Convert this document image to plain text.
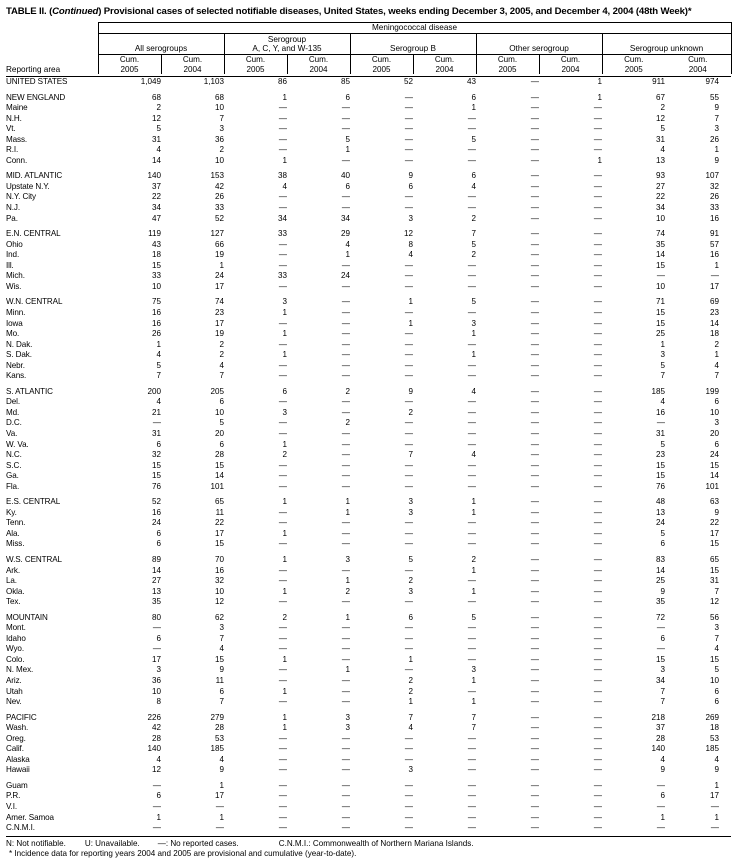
TABLE II. (Continued) Provisional cases of selected notifiable diseases, United States, weeks ending December 3, 2005, and December 4, 2004 (48th Week)*
	Meningococcal disease									

	All serogroups		Serogroup
A, C, Y, and W-135		Serogroup B		Other serogroup		Serogroup unknown	

Reporting area	
Cum.
2005

Cum.
2004

Cum.
2005

Cum.
2004

Cum.
2005

Cum.
2004

Cum.
2005

Cum.
2004

Cum.
2005

Cum.
2004

UNITED STATES	1,049	1,103	86	85	52	43	—	1	911	974

NEW ENGLAND	68	68	1	6	—	6	—	1	67	55
Maine	2	10	—	—	—	1	—	—	2	9
N.H.	12	7	—	—	—	—	—	—	12	7
Vt.	5	3	—	—	—	—	—	—	5	3
Mass.	31	36	—	5	—	5	—	—	31	26
R.I.	4	2	—	1	—	—	—	—	4	1
Conn.	14	10	1	—	—	—	—	1	13	9

MID. ATLANTIC	140	153	38	40	9	6	—	—	93	107
Upstate N.Y.	37	42	4	6	6	4	—	—	27	32
N.Y. City	22	26	—	—	—	—	—	—	22	26
N.J.	34	33	—	—	—	—	—	—	34	33
Pa.	47	52	34	34	3	2	—	—	10	16

E.N. CENTRAL	119	127	33	29	12	7	—	—	74	91
Ohio	43	66	—	4	8	5	—	—	35	57
Ind.	18	19	—	1	4	2	—	—	14	16
Ill.	15	1	—	—	—	—	—	—	15	1
Mich.	33	24	33	24	—	—	—	—	—	—
Wis.	10	17	—	—	—	—	—	—	10	17

W.N. CENTRAL	75	74	3	—	1	5	—	—	71	69
Minn.	16	23	1	—	—	—	—	—	15	23
Iowa	16	17	—	—	1	3	—	—	15	14
Mo.	26	19	1	—	—	1	—	—	25	18
N. Dak.	1	2	—	—	—	—	—	—	1	2
S. Dak.	4	2	1	—	—	1	—	—	3	1
Nebr.	5	4	—	—	—	—	—	—	5	4
Kans.	7	7	—	—	—	—	—	—	7	7

S. ATLANTIC	200	205	6	2	9	4	—	—	185	199
Del.	4	6	—	—	—	—	—	—	4	6
Md.	21	10	3	—	2	—	—	—	16	10
D.C.	—	5	—	2	—	—	—	—	—	3
Va.	31	20	—	—	—	—	—	—	31	20
W. Va.	6	6	1	—	—	—	—	—	5	6
N.C.	32	28	2	—	7	4	—	—	23	24
S.C.	15	15	—	—	—	—	—	—	15	15
Ga.	15	14	—	—	—	—	—	—	15	14
Fla.	76	101	—	—	—	—	—	—	76	101

E.S. CENTRAL	52	65	1	1	3	1	—	—	48	63
Ky.	16	11	—	1	3	1	—	—	13	9
Tenn.	24	22	—	—	—	—	—	—	24	22
Ala.	6	17	1	—	—	—	—	—	5	17
Miss.	6	15	—	—	—	—	—	—	6	15

W.S. CENTRAL	89	70	1	3	5	2	—	—	83	65
Ark.	14	16	—	—	—	1	—	—	14	15
La.	27	32	—	1	2	—	—	—	25	31
Okla.	13	10	1	2	3	1	—	—	9	7
Tex.	35	12	—	—	—	—	—	—	35	12

MOUNTAIN	80	62	2	1	6	5	—	—	72	56
Mont.	—	3	—	—	—	—	—	—	—	3
Idaho	6	7	—	—	—	—	—	—	6	7
Wyo.	—	4	—	—	—	—	—	—	—	4
Colo.	17	15	1	—	1	—	—	—	15	15
N. Mex.	3	9	—	1	—	3	—	—	3	5
Ariz.	36	11	—	—	2	1	—	—	34	10
Utah	10	6	1	—	2	—	—	—	7	6
Nev.	8	7	—	—	1	1	—	—	7	6

PACIFIC	226	279	1	3	7	7	—	—	218	269
Wash.	42	28	1	3	4	7	—	—	37	18
Oreg.	28	53	—	—	—	—	—	—	28	53
Calif.	140	185	—	—	—	—	—	—	140	185
Alaska	4	4	—	—	—	—	—	—	4	4
Hawaii	12	9	—	—	3	—	—	—	9	9

Guam	—	1	—	—	—	—	—	—	—	1
P.R.	6	17	—	—	—	—	—	—	6	17
V.I.	—	—	—	—	—	—	—	—	—	—
Amer. Samoa	1	1	—	—	—	—	—	—	1	1
C.N.M.I.	—	—	—	—	—	—	—	—	—	—

N: Not notifiable. U: Unavailable. —: No reported cases.	C.N.M.I.: Commonwealth of Northern Mariana Islands.
* Incidence data for reporting years 2004 and 2005 are provisional and cumulative (year-to-date).
